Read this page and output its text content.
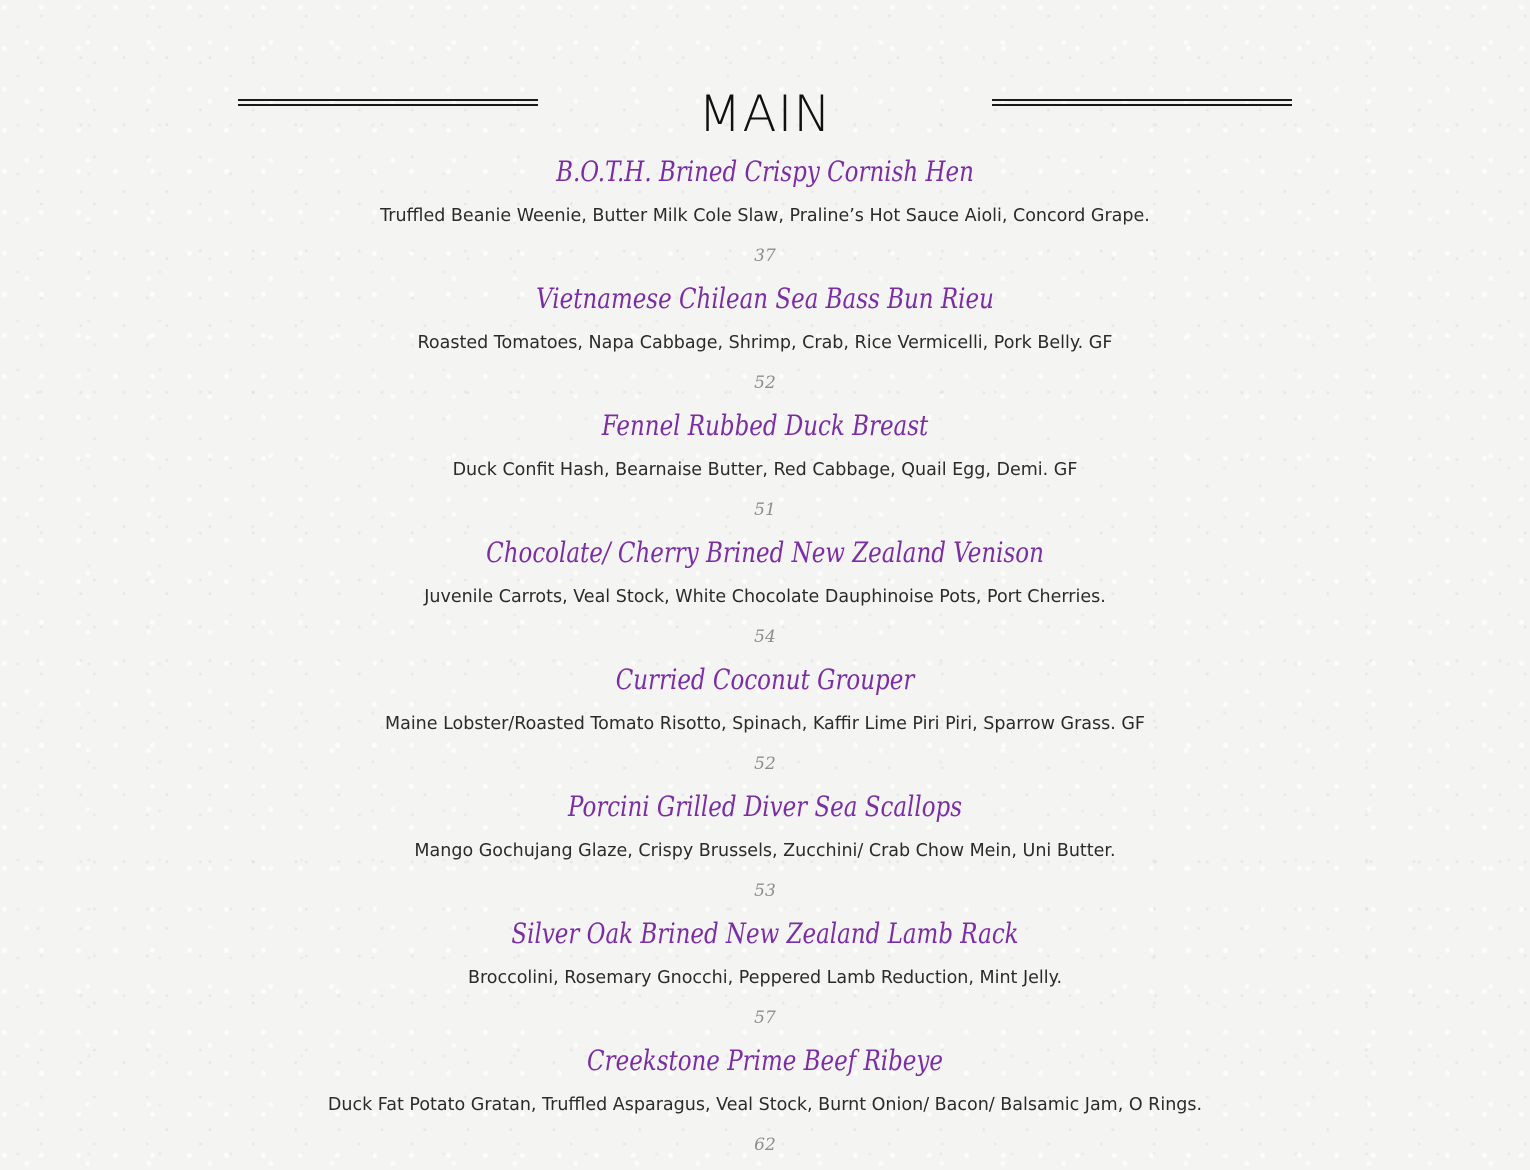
MAIN
B.O.T.H. Brined Crispy Cornish Hen
Truffled Beanie Weenie, Butter Milk Cole Slaw, Praline’s Hot Sauce Aioli, Concord Grape.
37
Vietnamese Chilean Sea Bass Bun Rieu
Roasted Tomatoes, Napa Cabbage, Shrimp, Crab, Rice Vermicelli, Pork Belly. GF
52
Fennel Rubbed Duck Breast
Duck Confit Hash, Bearnaise Butter, Red Cabbage, Quail Egg, Demi. GF
51
Chocolate/ Cherry Brined New Zealand Venison
Juvenile Carrots, Veal Stock, White Chocolate Dauphinoise Pots, Port Cherries.
54
Curried Coconut Grouper
Maine Lobster/Roasted Tomato Risotto, Spinach, Kaffir Lime Piri Piri, Sparrow Grass. GF
52
Porcini Grilled Diver Sea Scallops
Mango Gochujang Glaze, Crispy Brussels, Zucchini/ Crab Chow Mein, Uni Butter.
53
Silver Oak Brined New Zealand Lamb Rack
Broccolini, Rosemary Gnocchi, Peppered Lamb Reduction, Mint Jelly.
57
Creekstone Prime Beef Ribeye
Duck Fat Potato Gratan, Truffled Asparagus, Veal Stock, Burnt Onion/ Bacon/ Balsamic Jam, O Rings.
62
